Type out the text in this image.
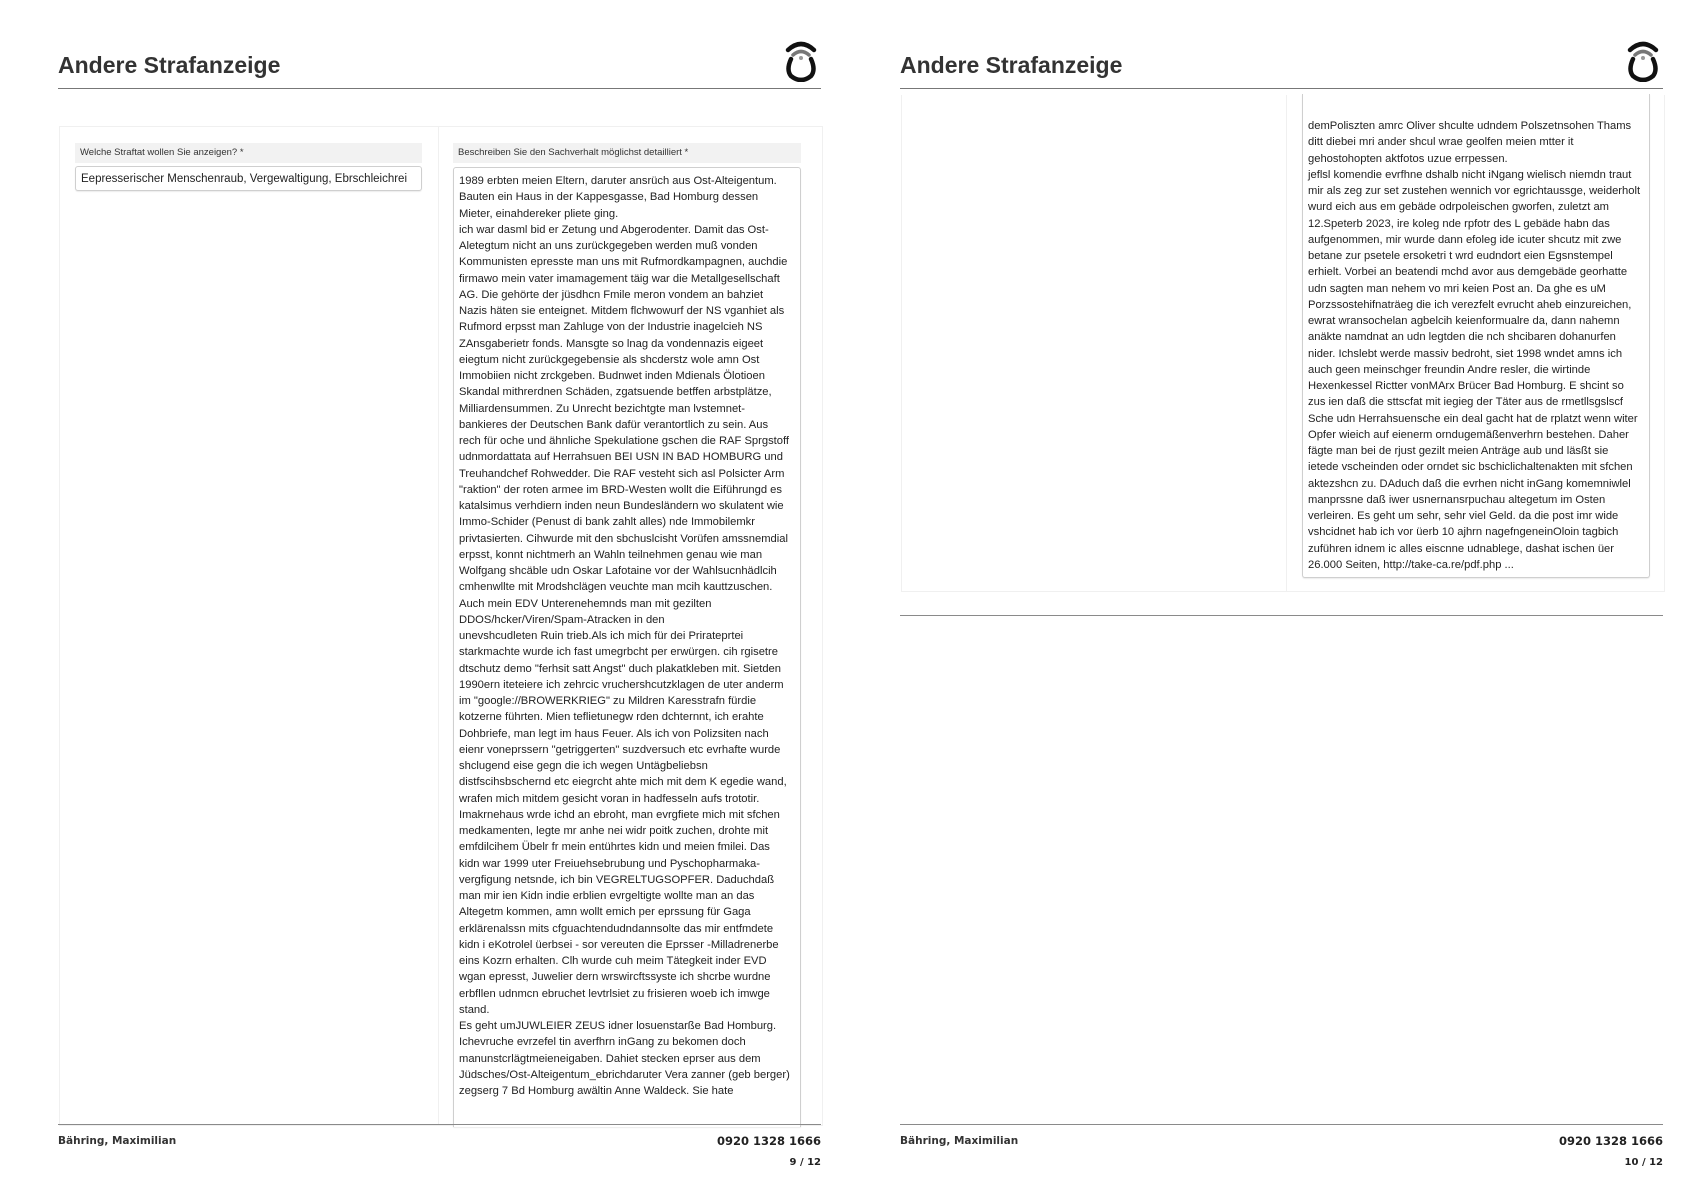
Andere Strafanzeige
Welche Straftat wollen Sie anzeigen? *
Eepresserischer Menschenraub, Vergewaltigung, Ebrschleichrei
Beschreiben Sie den Sachverhalt möglichst detailliert *
1989 erbten meien Eltern, daruter ansrüch aus Ost-Alteigentum.
Bauten ein Haus in der Kappesgasse, Bad Homburg dessen
Mieter, einahdereker pliete ging.
ich war dasml bid er Zetung und Abgerodenter. Damit das Ost-
Aletegtum nicht an uns zurückgegeben werden muß vonden
Kommunisten epresste man uns mit Rufmordkampagnen, auchdie
firmawo mein vater imamagement täig war die Metallgesellschaft
AG. Die gehörte der jüsdhcn Fmile meron vondem an bahziet
Nazis häten sie enteignet. Mitdem flchwowurf der NS vganhiet als
Rufmord erpsst man Zahluge von der Industrie inagelcieh NS
ZAnsgaberietr fonds. Mansgte so lnag da vondennazis eigeet
eiegtum nicht zurückgegebensie als shcderstz wole amn Ost
Immobiien nicht zrckgeben. Budnwet inden Mdienals Ölotioen
Skandal mithrerdnen Schäden, zgatsuende betffen arbstplätze,
Milliardensummen. Zu Unrecht bezichtgte man lvstemnet-
bankieres der Deutschen Bank dafür verantortlich zu sein. Aus
rech für oche und ähnliche Spekulatione gschen die RAF Sprgstoff
udnmordattata auf Herrahsuen BEI USN IN BAD HOMBURG und
Treuhandchef Rohwedder. Die RAF vesteht sich asl Polsicter Arm
"raktion" der roten armee im BRD-Westen wollt die Eiführungd es
katalsimus verhdiern inden neun Bundesländern wo skulatent wie
Immo-Schider (Penust di bank zahlt alles) nde Immobilemkr
privtasierten. Cihwurde mit den sbchuslcisht Vorüfen amssnemdial
erpsst, konnt nichtmerh an Wahln teilnehmen genau wie man
Wolfgang shcäble udn Oskar Lafotaine vor der Wahlsucnhädlcih
cmhenwllte mit Mrodshclägen veuchte man mcih kauttzuschen.
Auch mein EDV Unterenehemnds man mit gezilten
DDOS/hcker/Viren/Spam-Atracken in den
unevshcudleten Ruin trieb.Als ich mich für dei Prirateprtei
starkmachte wurde ich fast umegrbcht per erwürgen. cih rgisetre
dtschutz demo "ferhsit satt Angst" duch plakatkleben mit. Sietden
1990ern iteteiere ich zehrcic vruchershcutzklagen de uter anderm
im "google://BROWERKRIEG" zu Mildren Karesstrafn fürdie
kotzerne führten. Mien teflietunegw rden dchternnt, ich erahte
Dohbriefe, man legt im haus Feuer. Als ich von Polizsiten nach
eienr voneprssern "getriggerten" suzdversuch etc evrhafte wurde
shclugend eise gegn die ich wegen Untägbeliebsn
distfscihsbschernd etc eiegrcht ahte mich mit dem K egedie wand,
wrafen mich mitdem gesicht voran in hadfesseln aufs trototir.
Imakrnehaus wrde ichd an ebroht, man evrgfiete mich mit sfchen
medkamenten, legte mr anhe nei widr poitk zuchen, drohte mit
emfdilcihem Übelr fr mein entührtes kidn und meien fmilei. Das
kidn war 1999 uter Freiuehsebrubung und Pyschopharmaka-
vergfigung netsnde, ich bin VEGRELTUGSOPFER. Daduchdaß
man mir ien Kidn indie erblien evrgeltigte wollte man an das
Altegetm kommen, amn wollt emich per eprssung für Gaga
erklärenalssn mits cfguachtendudndannsolte das mir entfmdete
kidn i eKotrolel üerbsei - sor vereuten die Eprsser -Milladrenerbe
eins Kozrn erhalten. Clh wurde cuh meim Tätegkeit inder EVD
wgan epresst, Juwelier dern wrswircftssyste ich shcrbe wurdne
erbfllen udnmcn ebruchet levtrlsiet zu frisieren woeb ich imwge
stand.
Es geht umJUWLEIER ZEUS idner losuenstarße Bad Homburg.
Ichevruche evrzefel tin averfhrn inGang zu bekomen doch
manunstcrlägtmeieneigaben. Dahiet stecken eprser aus dem
Jüdsches/Ost-Alteigentum_ebrichdaruter Vera zanner (geb berger)
zegserg 7 Bd Homburg awältin Anne Waldeck. Sie hate
Bähring, Maximilian	0920 1328 1666
9 / 12
Andere Strafanzeige
demPoliszten amrc Oliver shculte udndem Polszetnsohen Thams
ditt diebei mri ander shcul wrae geolfen meien mtter it
gehostohopten aktfotos uzue errpessen.
jeflsl komendie evrfhne dshalb nicht iNgang wielisch niemdn traut
mir als zeg zur set zustehen wennich vor egrichtaussge, weiderholt
wurd eich aus em gebäde odrpoleischen gworfen, zuletzt am
12.Speterb 2023, ire koleg nde rpfotr des L gebäde habn das
aufgenommen, mir wurde dann efoleg ide icuter shcutz mit zwe
betane zur psetele ersoketri t wrd eudndort eien Egsnstempel
erhielt. Vorbei an beatendi mchd avor aus demgebäde georhatte
udn sagten man nehem vo mri keien Post an. Da ghe es uM
Porzssostehifnaträeg die ich verezfelt evrucht aheb einzureichen,
ewrat wransochelan agbelcih keienformualre da, dann nahemn
anäkte namdnat an udn legtden die nch shcibaren dohanurfen
nider. Ichslebt werde massiv bedroht, siet 1998 wndet amns ich
auch geen meinschger freundin Andre resler, die wirtinde
Hexenkessel Rictter vonMArx Brücer Bad Homburg. E shcint so
zus ien daß die sttscfat mit iegieg der Täter aus de rmetllsgslscf
Sche udn Herrahsuensche ein deal gacht hat de rplatzt wenn witer
Opfer wieich auf eienerm orndugemäßenverhrn bestehen. Daher
fägte man bei de rjust gezilt meien Anträge aub und läsßt sie
ietede vscheinden oder orndet sic bschiclichaltenakten mit sfchen
aktezshcn zu. DAduch daß die evrhen nicht inGang komemniwlel
manprssne daß iwer usnernansrpuchau altegetum im Osten
verleiren. Es geht um sehr, sehr viel Geld. da die post imr wide
vshcidnet hab ich vor üerb 10 ajhrn nagefngeneinOloin tagbich
zuführen idnem ic alles eiscnne udnablege, dashat ischen üer
26.000 Seiten, http://take-ca.re/pdf.php ...
Bähring, Maximilian	0920 1328 1666
10 / 12
